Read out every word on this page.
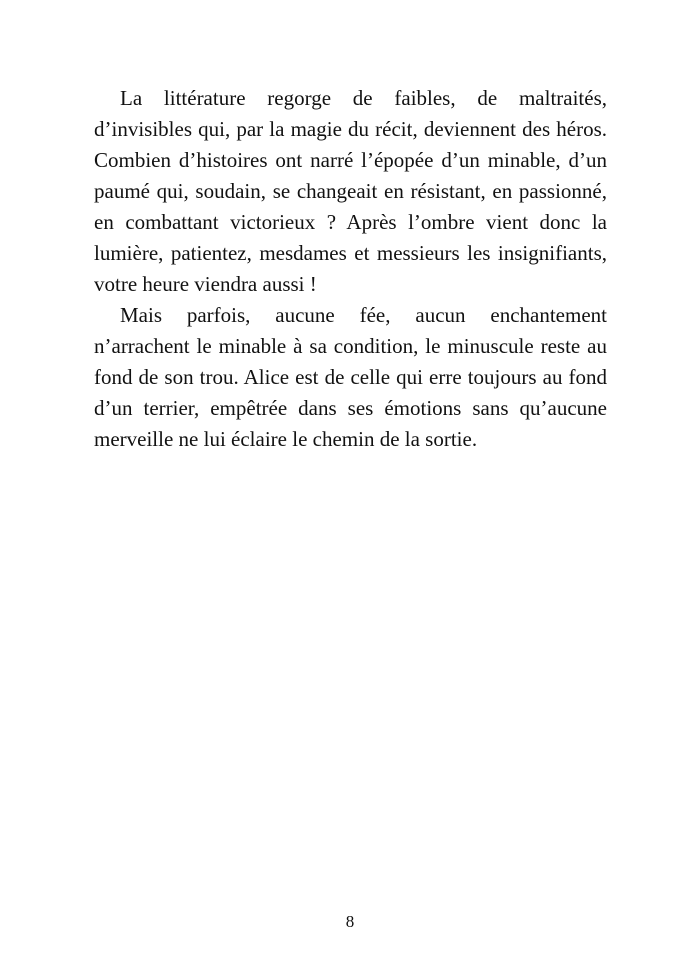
La littérature regorge de faibles, de maltraités,
d’invisibles qui, par la magie du récit, deviennent des héros.
Combien d’histoires ont narré l’épopée d’un minable, d’un
paumé qui, soudain, se changeait en résistant, en passionné,
en combattant victorieux ? Après l’ombre vient donc la
lumière, patientez, mesdames et messieurs les insignifiants,
votre heure viendra aussi !

Mais parfois, aucune fée, aucun enchantement
n’arrachent le minable à sa condition, le minuscule reste au
fond de son trou. Alice est de celle qui erre toujours au fond
d’un terrier, empêtrée dans ses émotions sans qu’aucune
merveille ne lui éclaire le chemin de la sortie.

8
